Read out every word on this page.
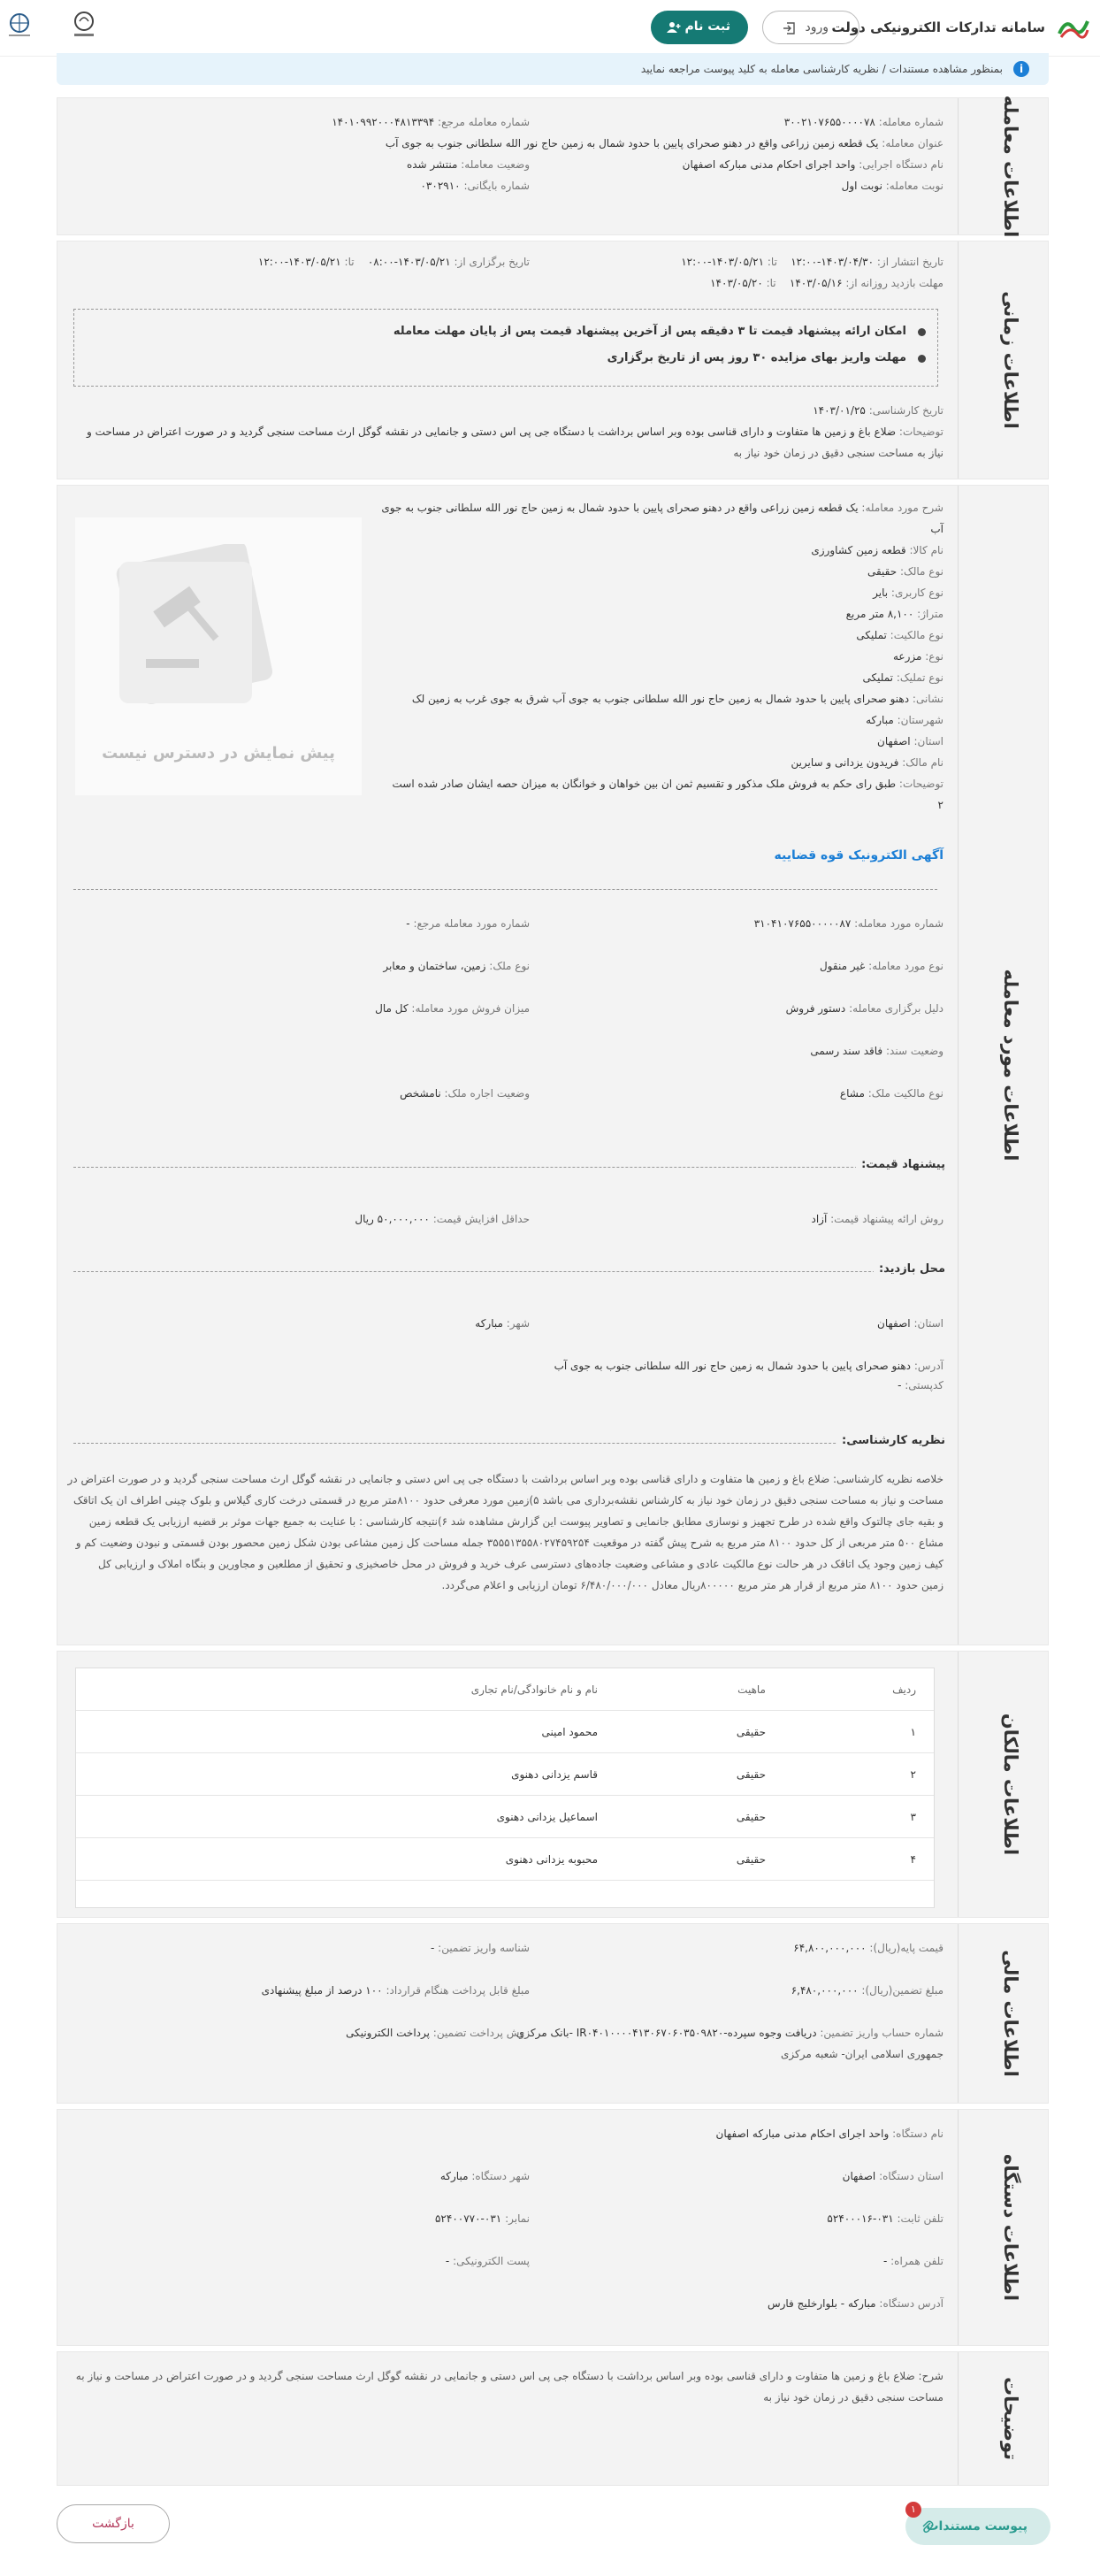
سامانه تدارکات الکترونیکی دولت
ثبت نام	ورود
i
بمنظور مشاهده مستندات / نظریه کارشناسی معامله به کلید پیوست مراجعه نمایید
اطلاعات معامله
شماره معامله: ۳۰۰۲۱۰۷۶۵۵۰۰۰۰۷۸
شماره معامله مرجع: ۱۴۰۱۰۹۹۲۰۰۰۴۸۱۳۳۹۴
عنوان معامله: یک قطعه زمین زراعی واقع در دهنو صحرای پایین با حدود شمال به زمین حاج نور الله سلطانی جنوب به جوی آب
نام دستگاه اجرایی: واحد اجرای احکام مدنی مبارکه اصفهان
وضعیت معامله: منتشر شده
نوبت معامله: نوبت اول
شماره بایگانی: ۰۳۰۲۹۱۰
اطلاعات زمانی
تاریخ انتشار از: ۱۴۰۳/۰۴/۳۰-۱۲:۰۰    تا: ۱۴۰۳/۰۵/۲۱-۱۲:۰۰
تاریخ برگزاری از: ۱۴۰۳/۰۵/۲۱-۰۸:۰۰    تا: ۱۴۰۳/۰۵/۲۱-۱۲:۰۰
مهلت بازدید روزانه از: ۱۴۰۳/۰۵/۱۶    تا: ۱۴۰۳/۰۵/۲۰
امکان ارائه پیشنهاد قیمت تا ۳ دقیقه پس از آخرین پیشنهاد قیمت پس از پایان مهلت معامله
مهلت واریز بهای مزایده ۳۰ روز پس از تاریخ برگزاری
تاریخ کارشناسی: ۱۴۰۳/۰۱/۲۵
توضیحات: ضلاع باغ و زمین ها متفاوت و دارای قناسی بوده وبر اساس برداشت با دستگاه جی پی اس دستی و جانمایی در نقشه گوگل ارث مساحت سنجی گردید و در صورت اعتراض در مساحت و
نیاز به مساحت سنجی دقیق در زمان خود نیاز به
اطلاعات مورد معامله
پیش نمایش در دسترس نیست
آگهی الکترونیک قوه قضاییه
شماره مورد معامله: ۳۱۰۴۱۰۷۶۵۵۰۰۰۰۰۸۷
شماره مورد معامله مرجع: -
نوع مورد معامله: غیر منقول
نوع ملک: زمین، ساختمان و معابر
دلیل برگزاری معامله: دستور فروش
میزان فروش مورد معامله: کل مال
وضعیت سند: فاقد سند رسمی
نوع مالکیت ملک: مشاع
وضعیت اجاره ملک: نامشخص
پیشنهاد قیمت:
روش ارائه پیشنهاد قیمت: آزاد
حداقل افزایش قیمت: ۵۰,۰۰۰,۰۰۰ ریال
محل بازدید:
استان: اصفهان
شهر: مبارکه
آدرس: دهنو صحرای پایین با حدود شمال به زمین حاج نور الله سلطانی جنوب به جوی آب
کدپستی: -
نظریه کارشناسی:
شرح مورد معامله: یک قطعه زمین زراعی واقع در دهنو صحرای پایین با حدود شمال به زمین حاج نور الله سلطانی جنوب به جوی
آب
نام کالا: قطعه زمین کشاورزی
نوع مالک: حقیقی
نوع کاربری: بایر
متراژ: ۸,۱۰۰ متر مربع
نوع مالکیت: تملیکی
نوع: مزرعه
نوع تملیک: تملیکی
نشانی: دهنو صحرای پایین با حدود شمال به زمین حاج نور الله سلطانی جنوب به جوی آب شرق به جوی غرب به زمین لک
شهرستان: مبارکه
استان: اصفهان
نام مالک: فریدون یزدانی و سایرین
توضیحات: طبق رای حکم به فروش ملک مذکور و تقسیم ثمن ان بین خواهان و خوانگان به میزان حصه ایشان صادر شده است
۲
خلاصه نظریه کارشناسی: ضلاع باغ و زمین ها متفاوت و دارای قناسی بوده وبر اساس برداشت با دستگاه جی پی اس دستی و جانمایی در نقشه گوگل ارث مساحت سنجی گردید و در صورت اعتراض در
مساحت و نیاز به مساحت سنجی دقیق در زمان خود نیاز به کارشناس نقشه‌برداری می باشد ۵)زمین مورد معرفی حدود ۸۱۰۰متر مربع در قسمتی درخت کاری گیلاس و بلوک چینی اطراف ان یک اتاقک
و بقیه جای چالتوک واقع شده در طرح تجهیز و نوسازی مطابق جانمایی و تصاویر پیوست این گزارش مشاهده شد ۶)نتیجه کارشناسی : با عنایت به جمیع جهات موثر بر قضیه ارزیابی یک قطعه زمین
مشاع ۵۰۰ متر مربعی از کل حدود ۸۱۰۰ متر مربع به شرح پیش گفته در موقعیت ۳۵۵۵۱۳۵۵۸۰۲۷۴۵۹۲۵۴ جمله مساحت کل زمین مشاعی بودن شکل زمین محصور بودن قسمتی و نبودن وضعیت کم و
کیف زمین وجود یک اتاقک در هر حالت نوع مالکیت عادی و مشاعی وضعیت جاده‌های دسترسی عرف خرید و فروش در محل خاصخیزی و تحقیق از مطلعین و مجاورین و بنگاه املاک و ارزیابی کل
زمین حدود ۸۱۰۰ متر مربع از قرار هر متر مربع ۸۰۰۰۰۰ریال معادل ۶/۴۸۰/۰۰۰/۰۰۰ تومان ارزیابی و اعلام می‌گردد.
اطلاعات مالکان
ردیف
ماهیت
نام و نام خانوادگی/نام تجاری
۱
حقیقی
محمود امینی
۲
حقیقی
قاسم یزدانی دهنوی
۳
حقیقی
اسماعیل یزدانی دهنوی
۴
حقیقی
محبوبه یزدانی دهنوی
اطلاعات مالی
قیمت پایه(ریال): ۶۴,۸۰۰,۰۰۰,۰۰۰
شناسه واریز تضمین: -
مبلغ تضمین(ریال): ۶,۴۸۰,۰۰۰,۰۰۰
مبلغ قابل پرداخت هنگام قرارداد: ۱۰۰ درصد از مبلغ پیشنهادی
شماره حساب واریز تضمین: دریافت وجوه سپرده-IR۰۴۰۱۰۰۰۰۴۱۳۰۶۷۰۶۰۳۵۰۹۸۲۰ -بانک مرکزی
جمهوری اسلامی ایران- شعبه مرکزی
روش پرداخت تضمین: پرداخت الکترونیکی
اطلاعات دستگاه
نام دستگاه: واحد اجرای احکام مدنی مبارکه اصفهان
استان دستگاه: اصفهان
شهر دستگاه: مبارکه
تلفن ثابت: ۰۳۱-۵۲۴۰۰۰۱۶
نمابر: ۰۳۱-۵۲۴۰۰۷۷۰
تلفن همراه: -
پست الکترونیکی: -
آدرس دستگاه: مبارکه - بلوارخلیج فارس
توضیحات
شرح: ضلاع باغ و زمین ها متفاوت و دارای قناسی بوده وبر اساس برداشت با دستگاه جی پی اس دستی و جانمایی در نقشه گوگل ارث مساحت سنجی گردید و در صورت اعتراض در مساحت و نیاز به
مساحت سنجی دقیق در زمان خود نیاز به
بازگشت	پیوست مستندات
۱
